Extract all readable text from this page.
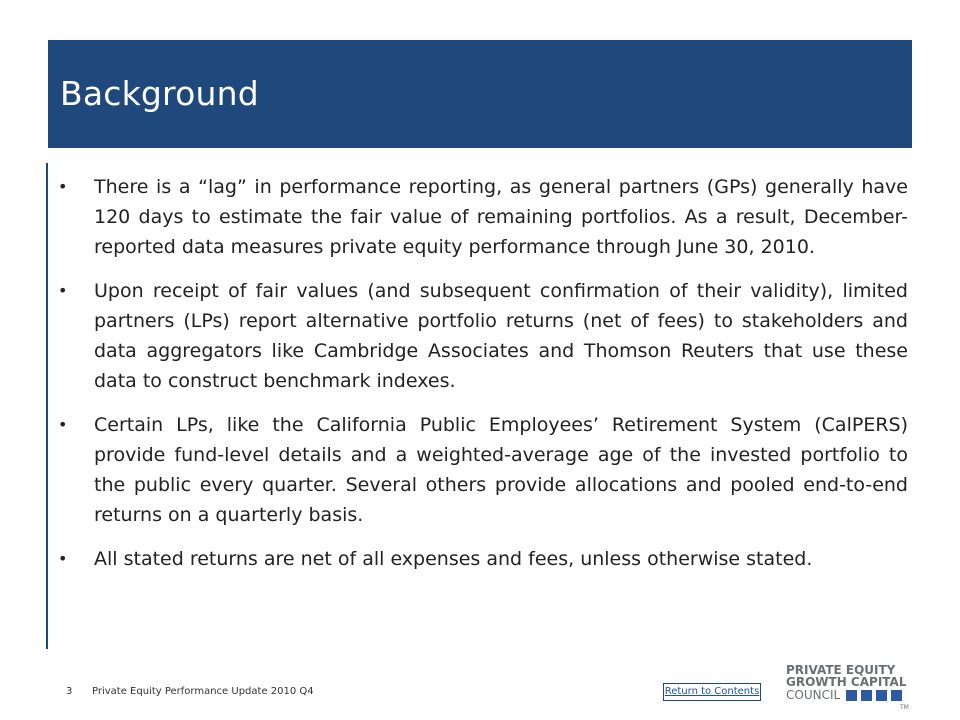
Background
•	There is a “lag” in performance reporting, as general partners (GPs) generally have 120 days to estimate the fair value of remaining portfolios. As a result, December-reported data measures private equity performance through June 30, 2010.
•	Upon receipt of fair values (and subsequent confirmation of their validity), limited partners (LPs) report alternative portfolio returns (net of fees) to stakeholders and data aggregators like Cambridge Associates and Thomson Reuters that use these data to construct benchmark indexes.
•	Certain LPs, like the California Public Employees’ Retirement System (CalPERS) provide fund-level details and a weighted-average age of the invested portfolio to the public every quarter. Several others provide allocations and pooled end-to-end returns on a quarterly basis.
•	All stated returns are net of all expenses and fees, unless otherwise stated.
3 Private Equity Performance Update 2010 Q4	Return to Contents
PRIVATE EQUITY
GROWTH CAPITAL
COUNCIL
TM
